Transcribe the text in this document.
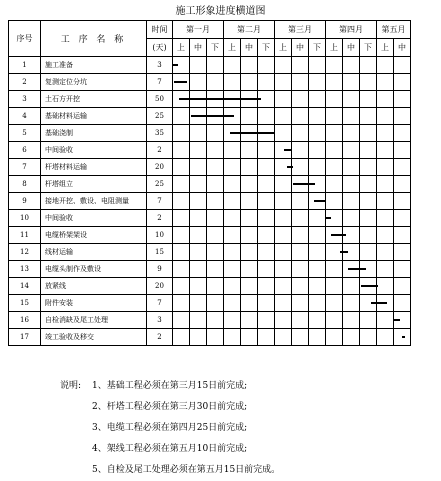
施工形象进度横道图
序号	工 序 名 称	时间	第一月			第二月			第三月			第四月			第五月	
		(天)	上	中	下	上	中	下	上	中	下	上	中	下	上	中
1	施工准备	3														
2	复测定位分坑	7														
3	土石方开挖	50														
4	基础材料运输	25														
5	基础浇制	35														
6	中间验收	2														
7	杆塔材料运输	20														
8	杆塔组立	25														
9	接地开挖、敷设、电阻测量	7														
10	中间验收	2														
11	电缆桥架架设	10														
12	线材运输	15														
13	电缆头制作及敷设	9														
14	放紧线	20														
15	附件安装	7														
16	自检消缺及尾工处理	3														
17	竣工验收及移交	2														
说明: 1、基础工程必须在第三月15日前完成;
2、杆塔工程必须在第三月30日前完成;
3、电缆工程必须在第四月25日前完成;
4、架线工程必须在第五月10日前完成;
5、自检及尾工处理必须在第五月15日前完成。
